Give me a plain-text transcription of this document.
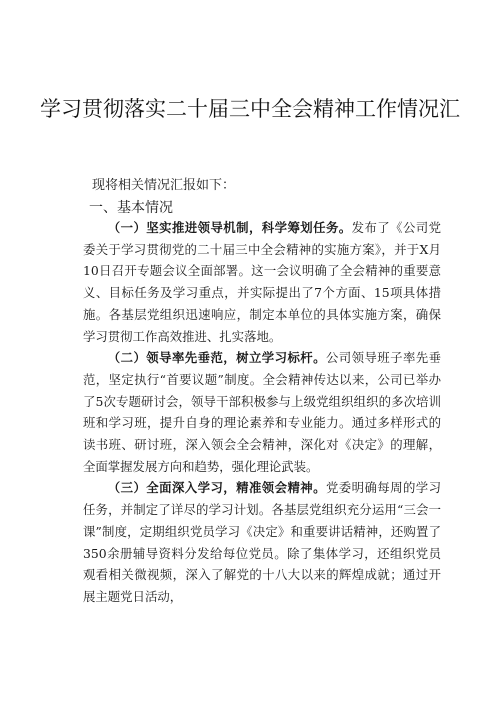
学习贯彻落实二十届三中全会精神工作情况汇
现将相关情况汇报如下：
一、基本情况

（一）坚实推进领导机制，科学筹划任务。发布了《公司党委关于学习贯彻党的二十届三中全会精神的实施方案》，并于X月10日召开专题会议全面部署。这一会议明确了全会精神的重要意义、目标任务及学习重点，并实际提出了7个方面、15项具体措施。各基层党组织迅速响应，制定本单位的具体实施方案，确保学习贯彻工作高效推进、扎实落地。

（二）领导率先垂范，树立学习标杆。公司领导班子率先垂范，坚定执行“首要议题”制度。全会精神传达以来，公司已举办了5次专题研讨会，领导干部积极参与上级党组织组织的多次培训班和学习班，提升自身的理论素养和专业能力。通过多样形式的读书班、研讨班，深入领会全会精神，深化对《决定》的理解，全面掌握发展方向和趋势，强化理论武装。

（三）全面深入学习，精准领会精神。党委明确每周的学习任务，并制定了详尽的学习计划。各基层党组织充分运用“三会一课”制度，定期组织党员学习《决定》和重要讲话精神，还购置了350余册辅导资料分发给每位党员。除了集体学习，还组织党员观看相关微视频，深入了解党的十八大以来的辉煌成就；通过开展主题党日活动，
